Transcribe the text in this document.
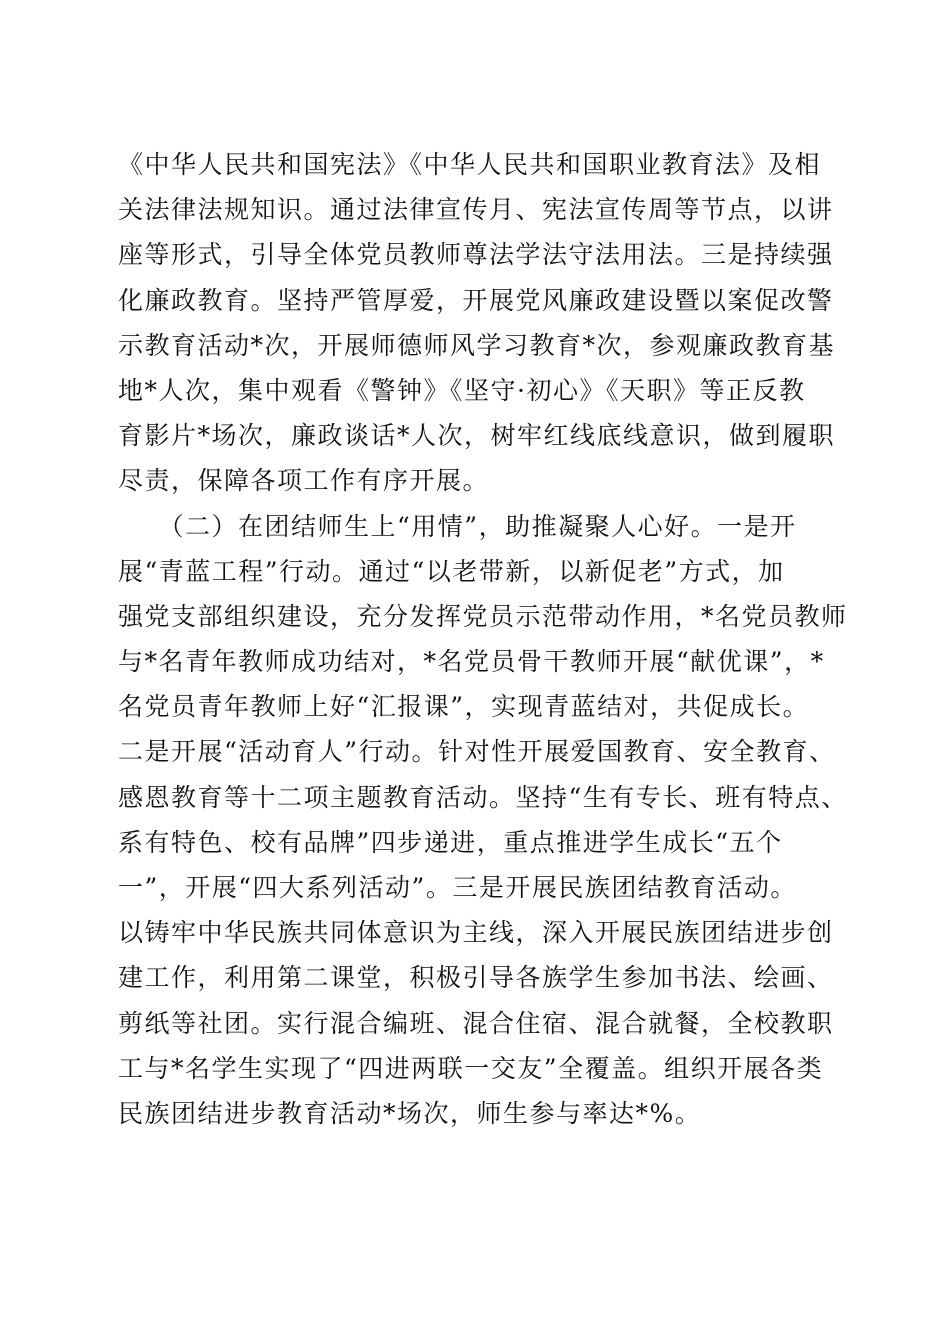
《中华人民共和国宪法》《中华人民共和国职业教育法》及相
关法律法规知识。通过法律宣传月、宪法宣传周等节点，以讲
座等形式，引导全体党员教师尊法学法守法用法。三是持续强
化廉政教育。坚持严管厚爱，开展党风廉政建设暨以案促改警
示教育活动*次，开展师德师风学习教育*次，参观廉政教育基
地*人次，集中观看《警钟》《坚守·初心》《天职》等正反教
育影片*场次，廉政谈话*人次，树牢红线底线意识，做到履职
尽责，保障各项工作有序开展。
　　（二）在团结师生上“用情”，助推凝聚人心好。一是开
展“青蓝工程”行动。通过“以老带新，以新促老”方式，加
强党支部组织建设，充分发挥党员示范带动作用，*名党员教师
与*名青年教师成功结对，*名党员骨干教师开展“献优课”，*
名党员青年教师上好“汇报课”，实现青蓝结对，共促成长。
二是开展“活动育人”行动。针对性开展爱国教育、安全教育、
感恩教育等十二项主题教育活动。坚持“生有专长、班有特点、
系有特色、校有品牌”四步递进，重点推进学生成长“五个
一”，开展“四大系列活动”。三是开展民族团结教育活动。
以铸牢中华民族共同体意识为主线，深入开展民族团结进步创
建工作，利用第二课堂，积极引导各族学生参加书法、绘画、
剪纸等社团。实行混合编班、混合住宿、混合就餐，全校教职
工与*名学生实现了“四进两联一交友”全覆盖。组织开展各类
民族团结进步教育活动*场次，师生参与率达*%。
